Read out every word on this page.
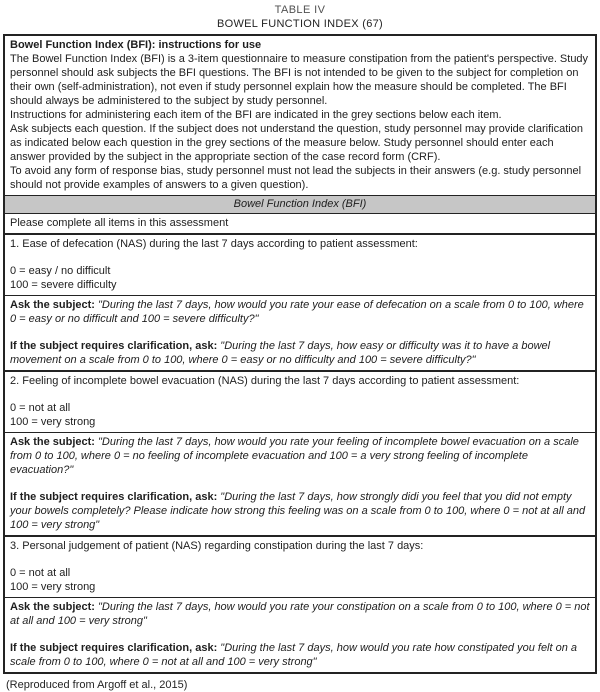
TABLE IV
BOWEL FUNCTION INDEX (67)
Bowel Function Index (BFI): instructions for use
The Bowel Function Index (BFI) is a 3-item questionnaire to measure constipation from the patient's perspective. Study personnel should ask subjects the BFI questions. The BFI is not intended to be given to the subject for completion on their own (self-administration), not even if study personnel explain how the measure should be completed. The BFI should always be administered to the subject by study personnel.
Instructions for administering each item of the BFI are indicated in the grey sections below each item.
Ask subjects each question. If the subject does not understand the question, study personnel may provide clarification as indicated below each question in the grey sections of the measure below. Study personnel should enter each answer provided by the subject in the appropriate section of the case record form (CRF).
To avoid any form of response bias, study personnel must not lead the subjects in their answers (e.g. study personnel should not provide examples of answers to a given question).
Bowel Function Index (BFI)
Please complete all items in this assessment
1. Ease of defecation (NAS) during the last 7 days according to patient assessment:
0 = easy / no difficult
100 = severe difficulty
Ask the subject: "During the last 7 days, how would you rate your ease of defecation on a scale from 0 to 100, where 0 = easy or no difficult and 100 = severe difficulty?"
If the subject requires clarification, ask: "During the last 7 days, how easy or difficulty was it to have a bowel movement on a scale from 0 to 100, where 0 = easy or no difficulty and 100 = severe difficulty?"
2. Feeling of incomplete bowel evacuation (NAS) during the last 7 days according to patient assessment:
0 = not at all
100 = very strong
Ask the subject: "During the last 7 days, how would you rate your feeling of incomplete bowel evacuation on a scale from 0 to 100, where 0 = no feeling of incomplete evacuation and 100 = a very strong feeling of incomplete evacuation?"
If the subject requires clarification, ask: "During the last 7 days, how strongly didi you feel that you did not empty your bowels completely? Please indicate how strong this feeling was on a scale from 0 to 100, where 0 = not at all and 100 = very strong"
3. Personal judgement of patient (NAS) regarding constipation during the last 7 days:
0 = not at all
100 = very strong
Ask the subject: "During the last 7 days, how would you rate your constipation on a scale from 0 to 100, where 0 = not at all and 100 = very strong"
If the subject requires clarification, ask: "During the last 7 days, how would you rate how constipated you felt on a scale from 0 to 100, where 0 = not at all and 100 = very strong"
(Reproduced from Argoff et al., 2015)
